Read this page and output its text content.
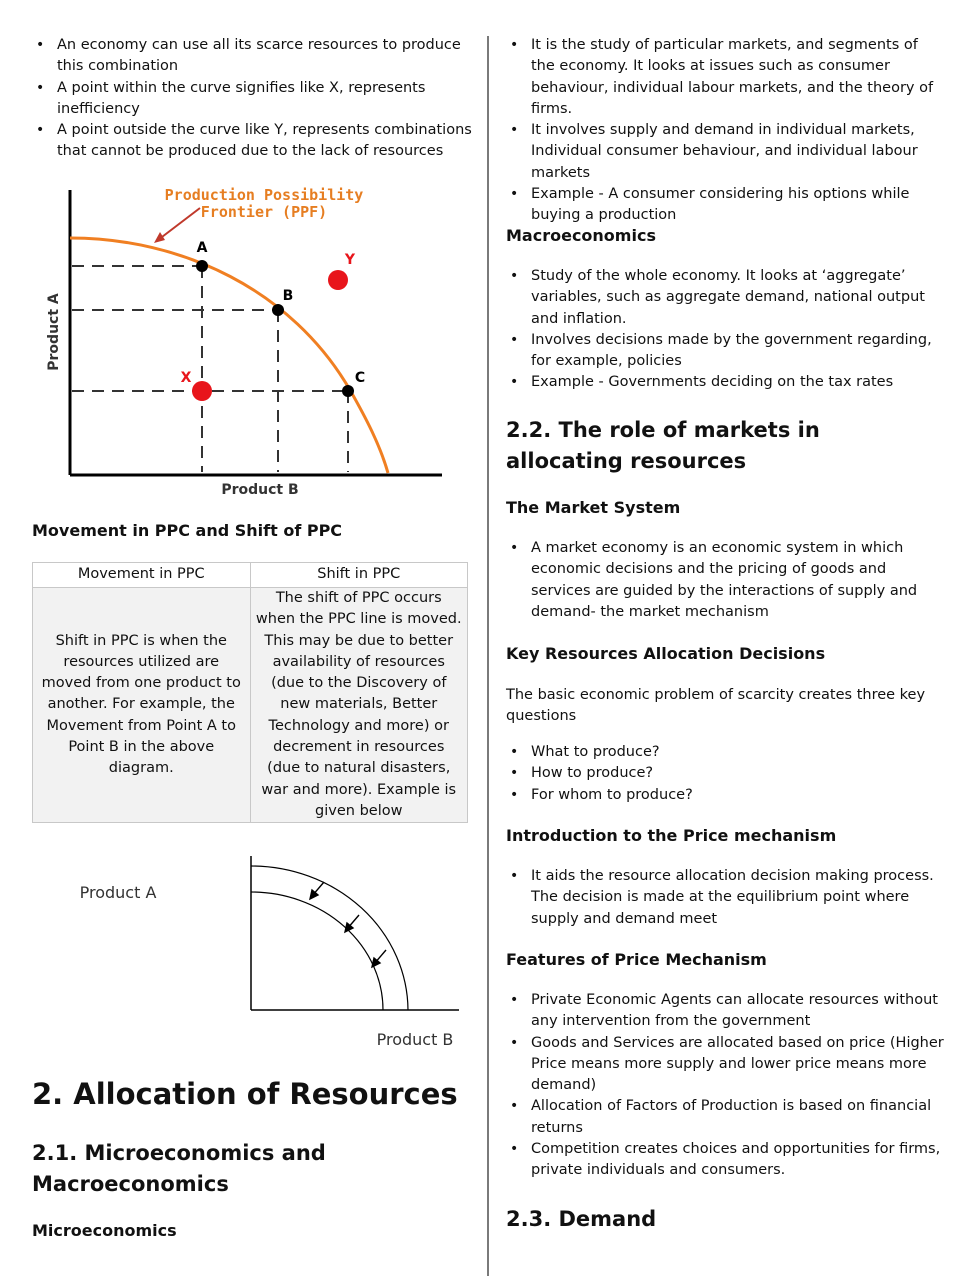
• An economy can use all its scarce resources to produce this combination
• A point within the curve signifies like X, represents inefficiency
• A point outside the curve like Y, represents combinations that cannot be produced due to the lack of resources
Production Possibility
Frontier (PPF)
A
B
C
X
Y
Product A
Product B
Movement in PPC and Shift of PPC
Movement in PPC	Shift in PPC
Shift in PPC is when the resources utilized are moved from one product to another. For example, the Movement from Point A to Point B in the above diagram.	The shift of PPC occurs when the PPC line is moved. This may be due to better availability of resources (due to the Discovery of new materials, Better Technology and more) or decrement in resources (due to natural disasters, war and more). Example is given below
Product A
Product B
2. Allocation of Resources
2.1. Microeconomics and Macroeconomics
Microeconomics
• It is the study of particular markets, and segments of the economy. It looks at issues such as consumer behaviour, individual labour markets, and the theory of firms.
• It involves supply and demand in individual markets, Individual consumer behaviour, and individual labour markets
• Example - A consumer considering his options while buying a production
Macroeconomics
• Study of the whole economy. It looks at ‘aggregate’ variables, such as aggregate demand, national output and inflation.
• Involves decisions made by the government regarding, for example, policies
• Example - Governments deciding on the tax rates
2.2. The role of markets in allocating resources
The Market System
• A market economy is an economic system in which economic decisions and the pricing of goods and services are guided by the interactions of supply and demand- the market mechanism
Key Resources Allocation Decisions

The basic economic problem of scarcity creates three key questions

• What to produce?
• How to produce?
• For whom to produce?
Introduction to the Price mechanism
• It aids the resource allocation decision making process. The decision is made at the equilibrium point where supply and demand meet
Features of Price Mechanism
• Private Economic Agents can allocate resources without any intervention from the government
• Goods and Services are allocated based on price (Higher Price means more supply and lower price means more demand)
• Allocation of Factors of Production is based on financial returns
• Competition creates choices and opportunities for firms, private individuals and consumers.
2.3. Demand
